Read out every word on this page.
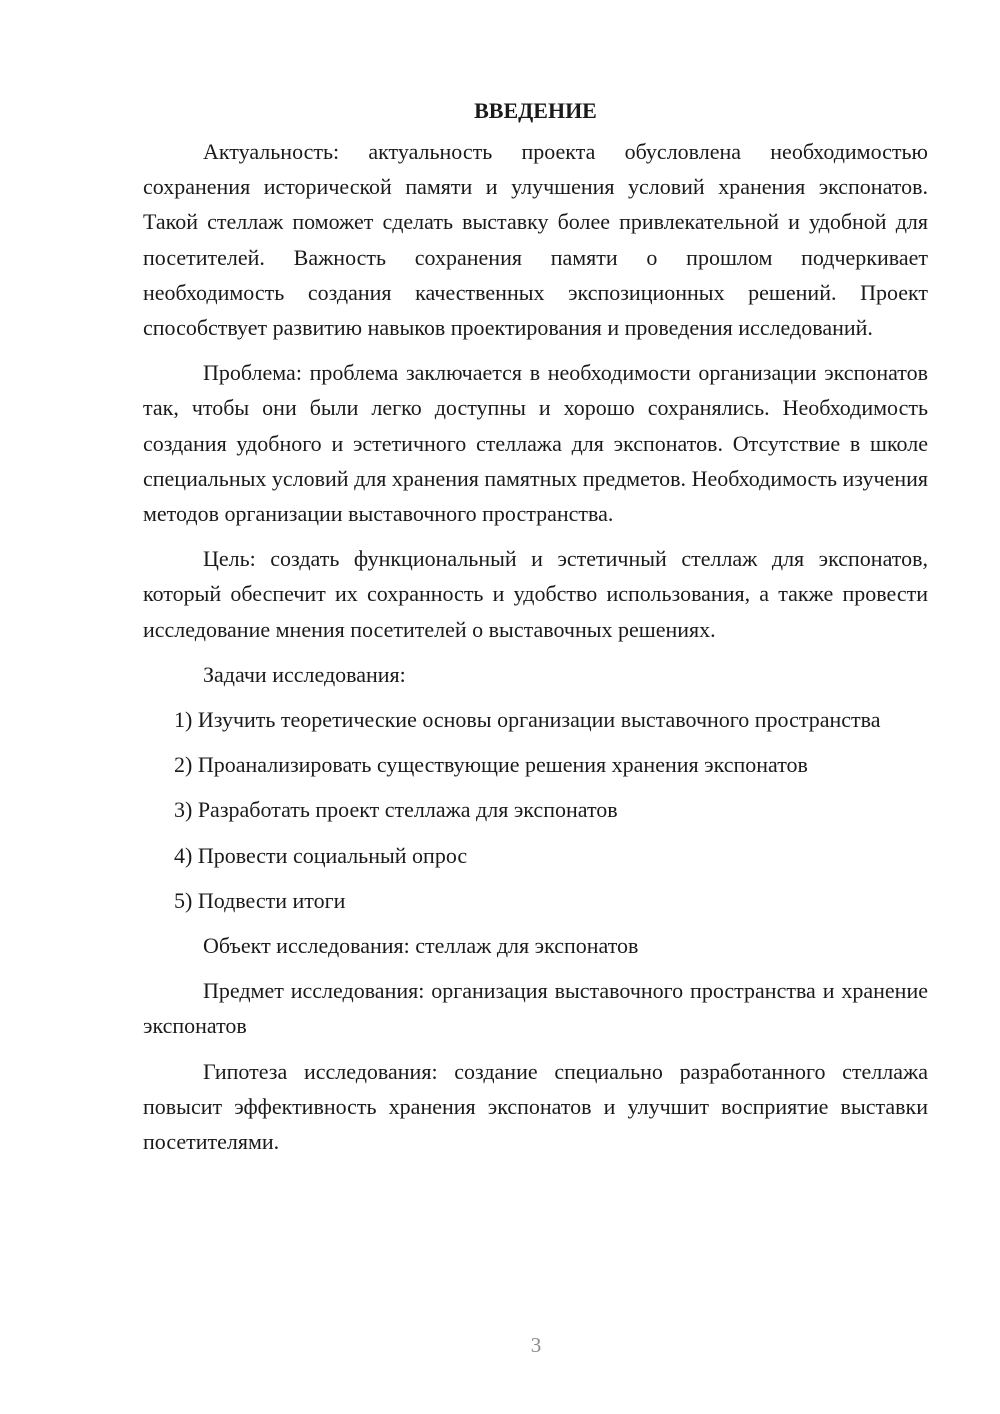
ВВЕДЕНИЕ

Актуальность: актуальность проекта обусловлена необходимостью сохранения исторической памяти и улучшения условий хранения экспонатов. Такой стеллаж поможет сделать выставку более привлекательной и удобной для посетителей. Важность сохранения памяти о прошлом подчеркивает необходимость создания качественных экспозиционных решений. Проект способствует развитию навыков проектирования и проведения исследований.

Проблема: проблема заключается в необходимости организации экспонатов так, чтобы они были легко доступны и хорошо сохранялись. Необходимость создания удобного и эстетичного стеллажа для экспонатов. Отсутствие в школе специальных условий для хранения памятных предметов. Необходимость изучения методов организации выставочного пространства.

Цель: создать функциональный и эстетичный стеллаж для экспонатов, который обеспечит их сохранность и удобство использования, а также провести исследование мнения посетителей о выставочных решениях.

Задачи исследования:

1) Изучить теоретические основы организации выставочного пространства

2) Проанализировать существующие решения хранения экспонатов

3) Разработать проект стеллажа для экспонатов

4) Провести социальный опрос

5) Подвести итоги

Объект исследования: стеллаж для экспонатов

Предмет исследования: организация выставочного пространства и хранение экспонатов

Гипотеза исследования: создание специально разработанного стеллажа повысит эффективность хранения экспонатов и улучшит восприятие выставки посетителями.

3
